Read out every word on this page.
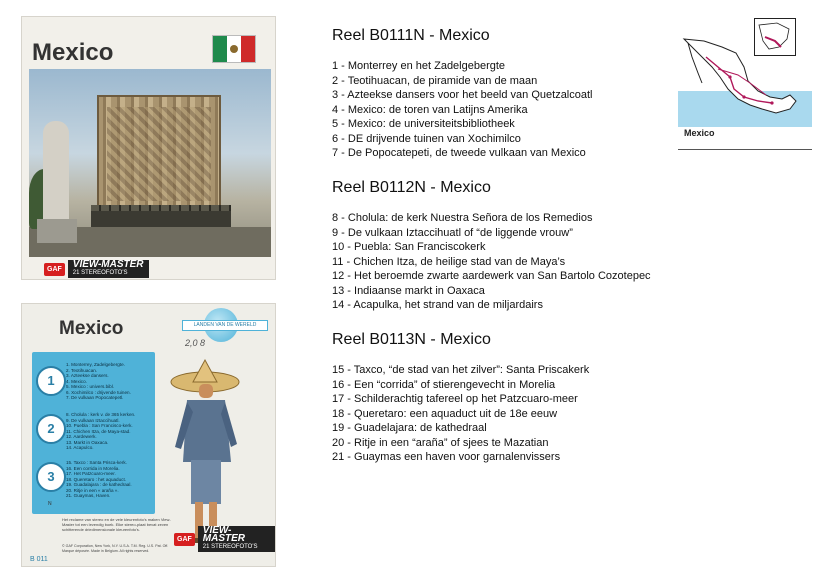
Mexico
GAF	VIEW-MASTER
21 STEREOFOTO'S
Mexico	LANDEN VAN DE WERELD
2,0 8
1
1. Monterrey, Zadelgebergte.
2. Teotihuacan.
3. Azteekse dansers.
4. Mexico.
5. Mexico : univers.bibl.
6. Xochimilco : drijvende tuinen.
7. De vulkaan Popocatepetl.
2
8. Cholula : kerk v. de 365 kerken.
9. De vulkaan Iztaccihuatl.
10. Puebla : San Francisco-kerk.
11. Chichen Itza, de Maya-stad.
12. Aardewerk.
13. Markt in Oaxaca.
14. Acapulco.
3
15. Taxco : Santa Prisca-kerk.
16. Een corrida in Morelia.
17. Het Patzcuaro-meer.
18. Queretaro : het aquaduct.
19. Guadalajara : de kathedraal.
20. Ritje in een « araña ».
21. Guaymas, Haven.
N
Het reclame van stereo en de vele kleurenfoto's maken View-Master tot een levendig boek. Elke stereo-plaat bevat zeven schitterende driedimensionale kleurenfoto's.
© GAF Corporation, New York, N.Y. U.S.A. T.M. Reg. U.S. Pat. Off. Marque déposée. Made in Belgium. All rights reserved.
B 011
GAF
VIEW-MASTER
21 STEREOFOTO'S
Reel B0111N - Mexico
1 - Monterrey en het Zadelgebergte
2 - Teotihuacan, de piramide van de maan
3 - Azteekse dansers voor het beeld van Quetzalcoatl
4 - Mexico: de toren van Latijns Amerika
5 - Mexico: de universiteitsbibliotheek
6 - DE drijvende tuinen van Xochimilco
7 - De Popocatepeti, de tweede vulkaan van Mexico
Reel B0112N - Mexico
8 - Cholula: de kerk Nuestra Señora de los Remedios
9 - De vulkaan Iztaccihuatl of “de liggende vrouw”
10 - Puebla: San Franciscokerk
11 - Chichen Itza, de heilige stad van de Maya’s
12 - Het beroemde zwarte aardewerk van San Bartolo Cozotepec
13 - Indiaanse markt in Oaxaca
14 - Acapulka, het strand van de miljardairs
Reel B0113N - Mexico
15 - Taxco, “de stad van het zilver”: Santa Priscakerk
16 - Een “corrida” of stierengevecht in Morelia
17 - Schilderachtig tafereel op het Patzcuaro-meer
18 - Queretaro: een aquaduct uit de 18e eeuw
19 - Guadelajara: de kathedraal
20 - Ritje in een “araña” of sjees te Mazatian
21 - Guaymas een haven voor garnalenvissers
Mexico
